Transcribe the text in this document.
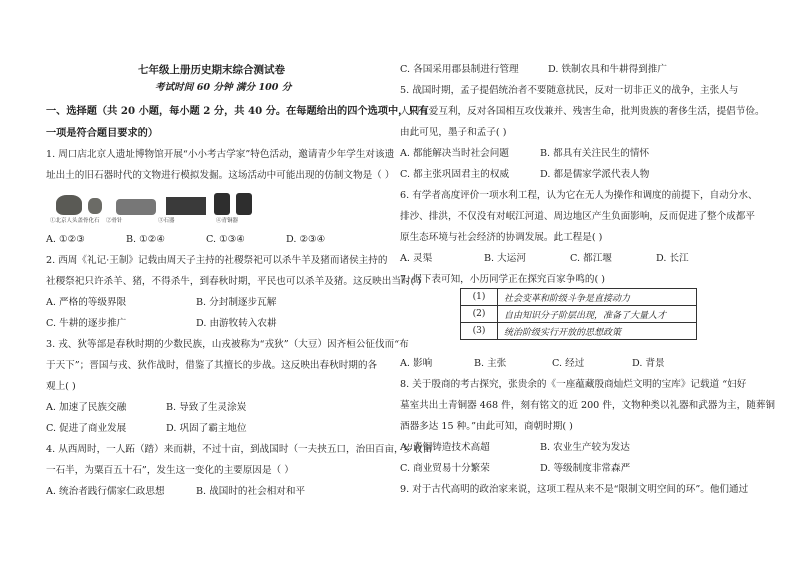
七年级上册历史期末综合测试卷
考试时间 60 分钟 满分 100 分
一、选择题（共 20 小题，每小题 2 分，共 40 分。在每题给出的四个选项中，只有
一项是符合题目要求的）
1. 周口店北京人遗址博物馆开展“小小考古学家”特色活动，邀请青少年学生对该遗
址出土的旧石器时代的文物进行模拟发掘。这场活动中可能出现的仿制文物是（ ）
①北京人头盖骨化石 ②骨针	③石器	④青铜器
A. ①②③	B. ①②④	C. ①③④	D. ②③④
2. 西周《礼记·王制》记载由周天子主持的社稷祭祀可以杀牛羊及猪而诸侯主持的
社稷祭祀只许杀羊、猪，不得杀牛，到春秋时期，平民也可以杀羊及猪。这反映出当时( )
A. 严格的等级界限	B. 分封制逐步瓦解
C. 牛耕的逐步推广	D. 由游牧转入农耕
3. 戎、狄等部是春秋时期的少数民族，山戎被称为“戎狄”（大豆）因齐桓公征伐而“布
于天下”；晋国与戎、狄作战时，借鉴了其擅长的步战。这反映出春秋时期的各
观上( )
A. 加速了民族交融	B. 导致了生灵涂炭
C. 促进了商业发展	D. 巩固了霸主地位
4. 从西周时，一人跖（踏）来而耕，不过十亩，到战国时（一夫挟五口，治田百亩，岁收亩
一石半，为粟百五十石”，发生这一变化的主要原因是（ ）
A. 统治者践行儒家仁政思想	B. 战国时的社会相对和平
C. 各国采用郡县制进行管理	D. 铁制农具和牛耕得到推广
5. 战国时期，孟子提倡统治者不要随意扰民，反对一切非正义的战争，主张人与
人们互爱互利，反对各国相互攻伐兼并、残害生命，批判贵族的奢侈生活，提倡节俭。
由此可见，墨子和孟子( )
A. 都能解决当时社会问题	B. 都具有关注民生的情怀
C. 都主张巩固君主的权威	D. 都是儒家学派代表人物
6. 有学者高度评价一项水利工程，认为它在无人为操作和调度的前提下，自动分水、
排沙、排洪，不仅没有对岷江河道、周边地区产生负面影响，反而促进了整个成都平
原生态环境与社会经济的协调发展。此工程是( )
A. 灵渠	B. 大运河	C. 都江堰	D. 长江
7. 据下表可知，小历同学正在探究百家争鸣的( )
(1)	社会变革和阶级斗争是直接动力
(2)	自由知识分子阶层出现，准备了大量人才
(3)	统治阶级实行开放的思想政策
A. 影响	B. 主张	C. 经过	D. 背景
8. 关于殷商的考古探究，张贵余的《一座蕴藏殷商灿烂文明的宝库》记载道 “妇好
墓室共出土青铜器 468 件，刻有铭文的近 200 件，文物种类以礼器和武器为主，随葬铜
酒器多达 15 种。”由此可知，商朝时期( )
A. 青铜铸造技术高超	B. 农业生产较为发达
C. 商业贸易十分繁荣	D. 等级制度非常森严
9. 对于古代高明的政治家来说，这项工程从来不是“限制文明空间的环”。他们通过
